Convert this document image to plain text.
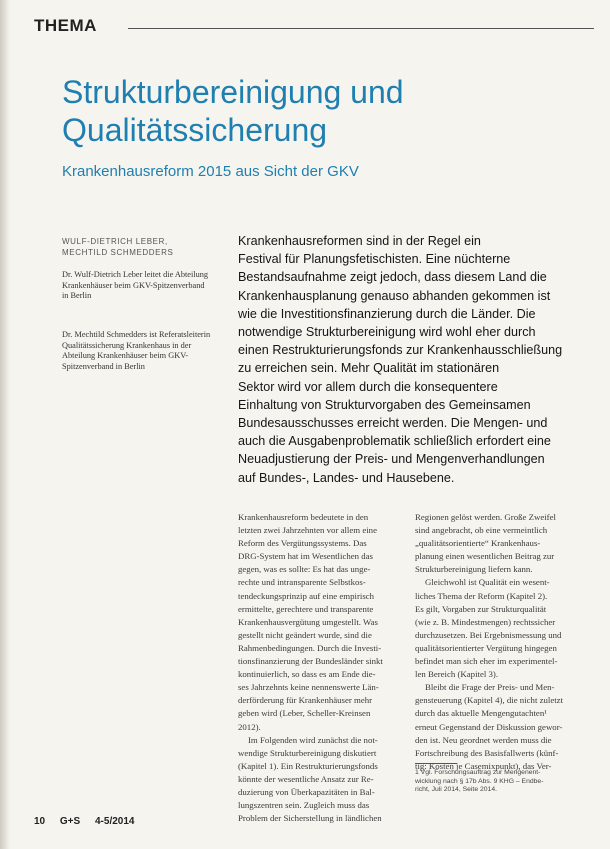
THEMA
Strukturbereinigung und
Qualitätssicherung
Krankenhausreform 2015 aus Sicht der GKV
WULF-DIETRICH LEBER,
MECHTILD SCHMEDDERS
Dr. Wulf-Dietrich Leber leitet die Abteilung Krankenhäuser beim GKV-Spitzenverband in Berlin
Dr. Mechtild Schmedders ist Referatsleiterin Qualitätssicherung Krankenhaus in der Abteilung Krankenhäuser beim GKV-Spitzenverband in Berlin
Krankenhausreformen sind in der Regel ein
Festival für Planungsfetischisten. Eine nüchterne
Bestandsaufnahme zeigt jedoch, dass diesem Land die
Krankenhausplanung genauso abhanden gekommen ist
wie die Investitionsfinanzierung durch die Länder. Die
notwendige Strukturbereinigung wird wohl eher durch
einen Restrukturierungsfonds zur Krankenhausschließung
zu erreichen sein. Mehr Qualität im stationären
Sektor wird vor allem durch die konsequentere
Einhaltung von Strukturvorgaben des Gemeinsamen
Bundesausschusses erreicht werden. Die Mengen- und
auch die Ausgabenproblematik schließlich erfordert eine
Neuadjustierung der Preis- und Mengenverhandlungen
auf Bundes-, Landes- und Hausebene.
Krankenhausreform bedeutete in den
letzten zwei Jahrzehnten vor allem eine
Reform des Vergütungssystems. Das
DRG-System hat im Wesentlichen das
gegen, was es sollte: Es hat das unge-
rechte und intransparente Selbstkos-
tendeckungsprinzip auf eine empirisch
ermittelte, gerechtere und transparente
Krankenhausvergütung umgestellt. Was
gestellt nicht geändert wurde, sind die
Rahmenbedingungen. Durch die Investi-
tionsfinanzierung der Bundesländer sinkt
kontinuierlich, so dass es am Ende die-
ses Jahrzehnts keine nennenswerte Län-
derförderung für Krankenhäuser mehr
geben wird (Leber, Scheller-Kreinsen
2012).
Im Folgenden wird zunächst die not-
wendige Strukturbereinigung diskutiert
(Kapitel 1). Ein Restrukturierungsfonds
könnte der wesentliche Ansatz zur Re-
duzierung von Überkapazitäten in Bal-
lungszentren sein. Zugleich muss das
Problem der Sicherstellung in ländlichen
Regionen gelöst werden. Große Zweifel
sind angebracht, ob eine vermeintlich
„qualitätsorientierte“ Krankenhaus-
planung einen wesentlichen Beitrag zur
Strukturbereinigung liefern kann.
Gleichwohl ist Qualität ein wesent-
liches Thema der Reform (Kapitel 2).
Es gilt, Vorgaben zur Strukturqualität
(wie z. B. Mindestmengen) rechtssicher
durchzusetzen. Bei Ergebnismessung und
qualitätsorientierter Vergütung hingegen
befindet man sich eher im experimentel-
len Bereich (Kapitel 3).
Bleibt die Frage der Preis- und Men-
gensteuerung (Kapitel 4), die nicht zuletzt
durch das aktuelle Mengengutachten¹
erneut Gegenstand der Diskussion gewor-
den ist. Neu geordnet werden muss die
Fortschreibung des Basisfallwerts (künf-
tig: Kosten je Casemixpunkt), das Ver-
1 Vgl. Forschungsauftrag zur Mengenent-
wicklung nach § 17b Abs. 9 KHG – Endbe-
richt, Juli 2014, Seite 2014.
10 G+S 4-5/2014
